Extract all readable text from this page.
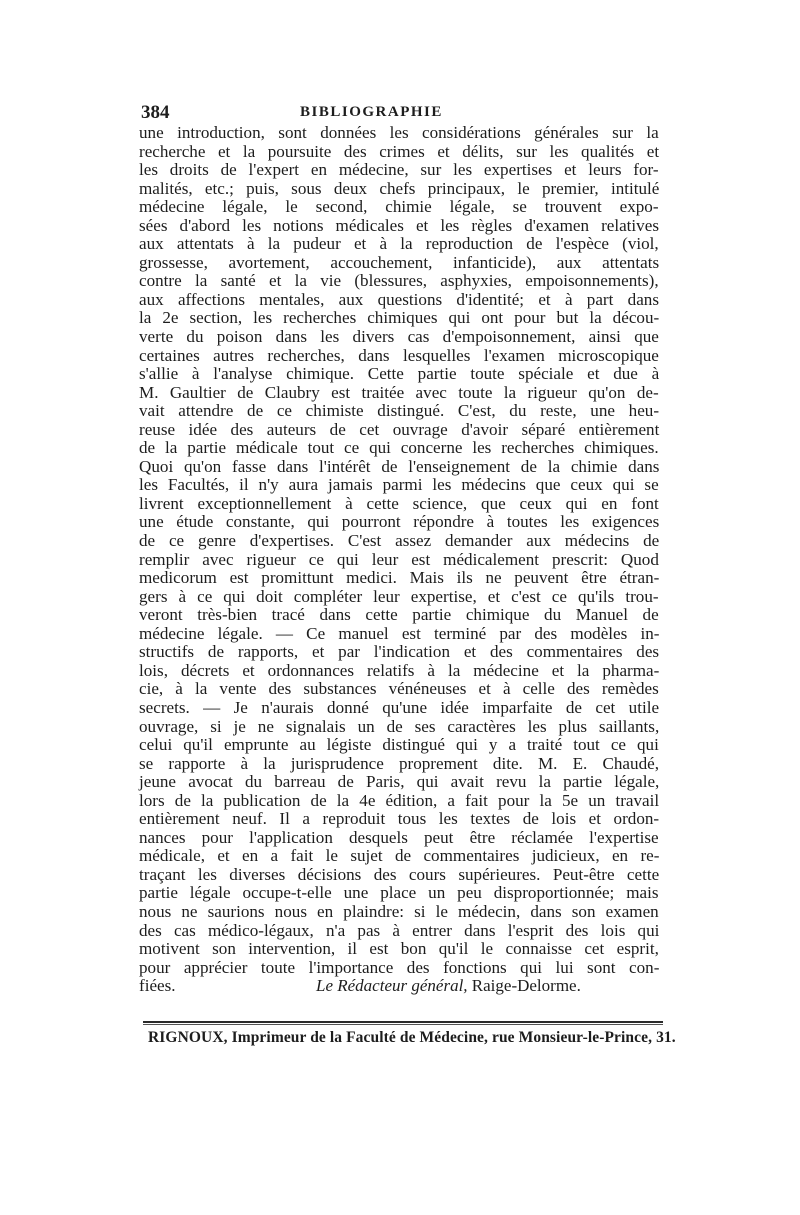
384	BIBLIOGRAPHIE
une introduction, sont données les considérations générales sur la
recherche et la poursuite des crimes et délits, sur les qualités et
les droits de l'expert en médecine, sur les expertises et leurs for-
malités, etc.; puis, sous deux chefs principaux, le premier, intitulé
médecine légale, le second, chimie légale, se trouvent expo-
sées d'abord les notions médicales et les règles d'examen relatives
aux attentats à la pudeur et à la reproduction de l'espèce (viol,
grossesse, avortement, accouchement, infanticide), aux attentats
contre la santé et la vie (blessures, asphyxies, empoisonnements),
aux affections mentales, aux questions d'identité; et à part dans
la 2e section, les recherches chimiques qui ont pour but la décou-
verte du poison dans les divers cas d'empoisonnement, ainsi que
certaines autres recherches, dans lesquelles l'examen microscopique
s'allie à l'analyse chimique. Cette partie toute spéciale et due à
M. Gaultier de Claubry est traitée avec toute la rigueur qu'on de-
vait attendre de ce chimiste distingué. C'est, du reste, une heu-
reuse idée des auteurs de cet ouvrage d'avoir séparé entièrement
de la partie médicale tout ce qui concerne les recherches chimiques.
Quoi qu'on fasse dans l'intérêt de l'enseignement de la chimie dans
les Facultés, il n'y aura jamais parmi les médecins que ceux qui se
livrent exceptionnellement à cette science, que ceux qui en font
une étude constante, qui pourront répondre à toutes les exigences
de ce genre d'expertises. C'est assez demander aux médecins de
remplir avec rigueur ce qui leur est médicalement prescrit: Quod
medicorum est promittunt medici. Mais ils ne peuvent être étran-
gers à ce qui doit compléter leur expertise, et c'est ce qu'ils trou-
veront très-bien tracé dans cette partie chimique du Manuel de
médecine légale. — Ce manuel est terminé par des modèles in-
structifs de rapports, et par l'indication et des commentaires des
lois, décrets et ordonnances relatifs à la médecine et la pharma-
cie, à la vente des substances vénéneuses et à celle des remèdes
secrets. — Je n'aurais donné qu'une idée imparfaite de cet utile
ouvrage, si je ne signalais un de ses caractères les plus saillants,
celui qu'il emprunte au légiste distingué qui y a traité tout ce qui
se rapporte à la jurisprudence proprement dite. M. E. Chaudé,
jeune avocat du barreau de Paris, qui avait revu la partie légale,
lors de la publication de la 4e édition, a fait pour la 5e un travail
entièrement neuf. Il a reproduit tous les textes de lois et ordon-
nances pour l'application desquels peut être réclamée l'expertise
médicale, et en a fait le sujet de commentaires judicieux, en re-
traçant les diverses décisions des cours supérieures. Peut-être cette
partie légale occupe-t-elle une place un peu disproportionnée; mais
nous ne saurions nous en plaindre: si le médecin, dans son examen
des cas médico-légaux, n'a pas à entrer dans l'esprit des lois qui
motivent son intervention, il est bon qu'il le connaisse cet esprit,
pour apprécier toute l'importance des fonctions qui lui sont con-
fiées.	Le Rédacteur général, Raige-Delorme.
RIGNOUX, Imprimeur de la Faculté de Médecine, rue Monsieur-le-Prince, 31.
